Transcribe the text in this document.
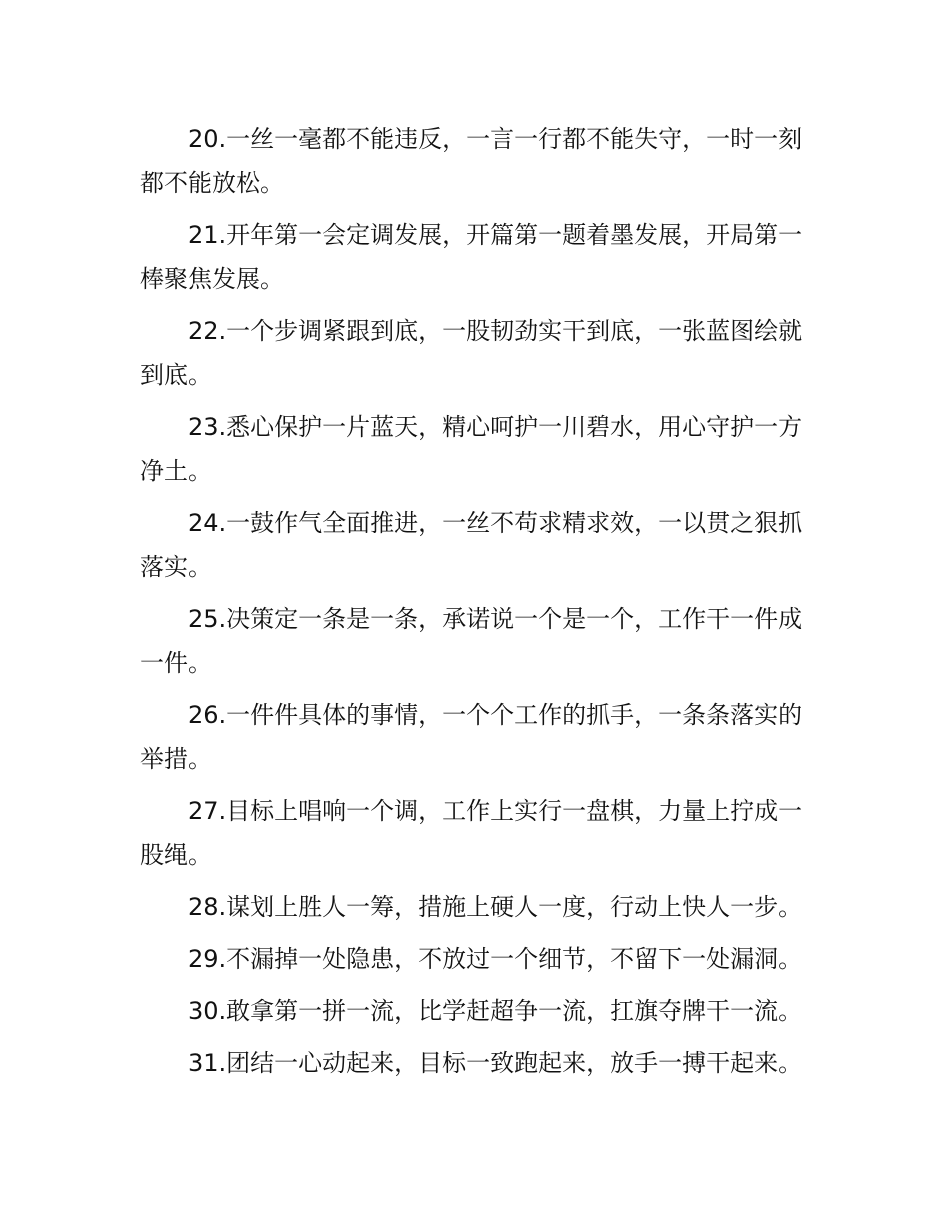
20.一丝一毫都不能违反，一言一行都不能失守，一时一刻都不能放松。

21.开年第一会定调发展，开篇第一题着墨发展，开局第一棒聚焦发展。

22.一个步调紧跟到底，一股韧劲实干到底，一张蓝图绘就到底。

23.悉心保护一片蓝天，精心呵护一川碧水，用心守护一方净土。

24.一鼓作气全面推进，一丝不苟求精求效，一以贯之狠抓落实。

25.决策定一条是一条，承诺说一个是一个，工作干一件成一件。

26.一件件具体的事情，一个个工作的抓手，一条条落实的举措。

27.目标上唱响一个调，工作上实行一盘棋，力量上拧成一股绳。

28.谋划上胜人一筹，措施上硬人一度，行动上快人一步。

29.不漏掉一处隐患，不放过一个细节，不留下一处漏洞。

30.敢拿第一拼一流，比学赶超争一流，扛旗夺牌干一流。

31.团结一心动起来，目标一致跑起来，放手一搏干起来。
